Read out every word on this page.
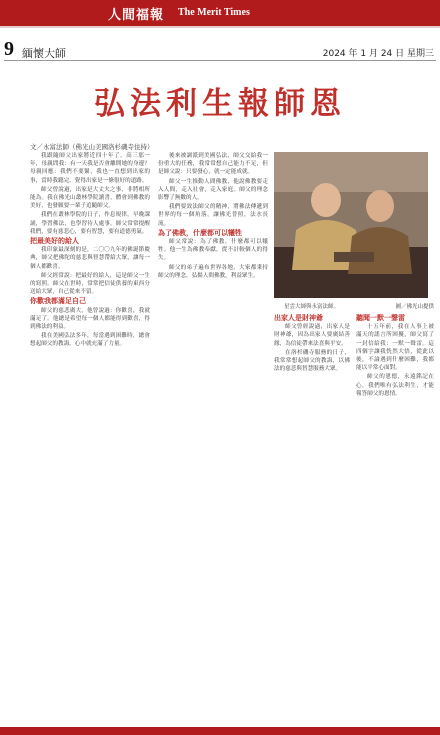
人間福報 The Merit Times
9 緬懷大師	2024 年 1 月 24 日 星期三
弘法利生報師恩
文／永富法師（佛光山美國洛杉磯寺住持）

我跟隨師父出家將近四十年了。高三那一年，母親問我：有一天我是否會離開她的身邊？母親回應：我們不要緊，我也一直想到出家的事，當時我聽完，覺得出家是一條很好的道路。

師父曾說過，出家是大丈夫之事，非將相所能為。我在佛光山叢林學院讀書，體會到佛教的美好，也發願要一輩子追隨師父。

我們在叢林學院的日子，作息規律，早晚課誦，學習佛法，也學習待人處事。師父常常提醒我們，要有慈悲心，要有智慧，要有道德勇氣。

把最美好的給人

我印象最深刻的是，二〇〇九年的佛誕節慶典，師父把佛陀的慈悲與智慧帶給大眾，讓每一個人都歡喜。

師父經常說：把最好的給人，這是師父一生的寫照。師父在世時，常常把信徒供養的東西分送給大眾，自己從來不留。

你歡我都滿足自己

師父的慈悲廣大，他曾說過：你歡喜，我就滿足了。他總是希望每一個人都能得到歡喜，得到佛法的利益。

我在美國弘法多年，每當遇到困難時，總會想起師父的教誨，心中就充滿了力量。

後來被調派到美國弘法，師父交給我一份重大的任務，我常常想自己能力不足，但是師父說：只要發心，就一定能成就。

師父一生推動人間佛教，他說佛教要走入人間，走入社會，走入家庭。師父的理念影響了無數的人。

我們要效法師父的精神，將佛法傳遞到世界的每一個角落，讓佛光普照，法水長流。

為了佛教，什麼都可以犧牲

師父常說：為了佛教，什麼都可以犧牲。他一生為佛教奉獻，從不計較個人的得失。

師父的弟子遍布世界各地，大家都秉持師父的理念，弘揚人間佛教，利益眾生。

星雲大師與永富法師。	圖／佛光山提供

出家人是財神爺

師父曾經說過，出家人是財神爺，因為出家人要廣結善緣，為信徒帶來法喜與平安。

在洛杉磯寺服務的日子，我常常想起師父的教誨，以佛法的慈悲與智慧服務大眾。

聽聞一默一聲雷

十五年前，我在人事上被滿天的謠言所困擾，師父寫了一封信給我：一默一聲雷。這四個字讓我恍然大悟，從此以後，不論遇到什麼困難，我都能以平常心面對。

師父的恩德，永遠銘記在心。我們唯有弘法利生，才能報答師父的恩情。
